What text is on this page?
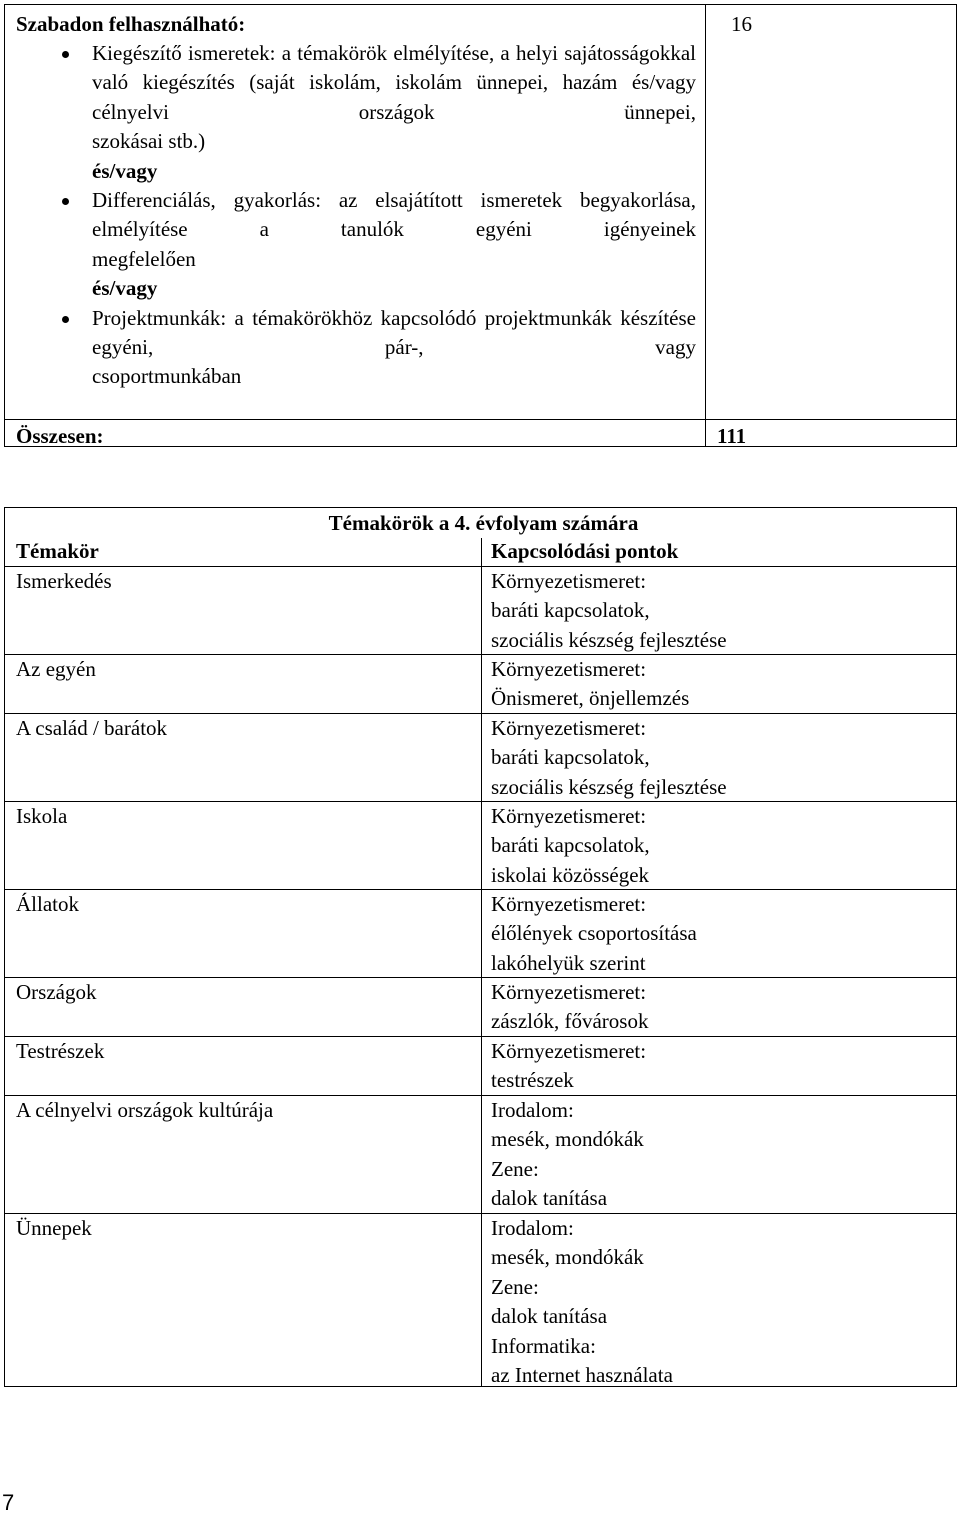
Szabadon felhasználható:
Kiegészítő ismeretek: a témakörök elmélyítése, a helyi sajátosságokkal való kiegészítés (saját iskolám, iskolám ünnepei, hazám és/vagy célnyelvi országok ünnepei,
szokásai stb.)
és/vagy
Differenciálás, gyakorlás: az elsajátított ismeretek begyakorlása, elmélyítése a tanulók egyéni igényeinek
megfelelően
és/vagy
Projektmunkák: a témakörökhöz kapcsolódó projektmunkák készítése egyéni, pár-, vagy
csoportmunkában
16
Összesen:	111
Témakörök a 4. évfolyam számára
Témakör	Kapcsolódási pontok
Ismerkedés	Környezetismeret:
baráti kapcsolatok,
szociális készség fejlesztése
Az egyén	Környezetismeret:
Önismeret, önjellemzés
A család / barátok	Környezetismeret:
baráti kapcsolatok,
szociális készség fejlesztése
Iskola	Környezetismeret:
baráti kapcsolatok,
iskolai közösségek
Állatok	Környezetismeret:
élőlények csoportosítása
lakóhelyük szerint
Országok	Környezetismeret:
zászlók, fővárosok
Testrészek	Környezetismeret:
testrészek
A célnyelvi országok kultúrája	Irodalom:
mesék, mondókák
Zene:
dalok tanítása
Ünnepek	Irodalom:
mesék, mondókák
Zene:
dalok tanítása
Informatika:
az Internet használata
7
